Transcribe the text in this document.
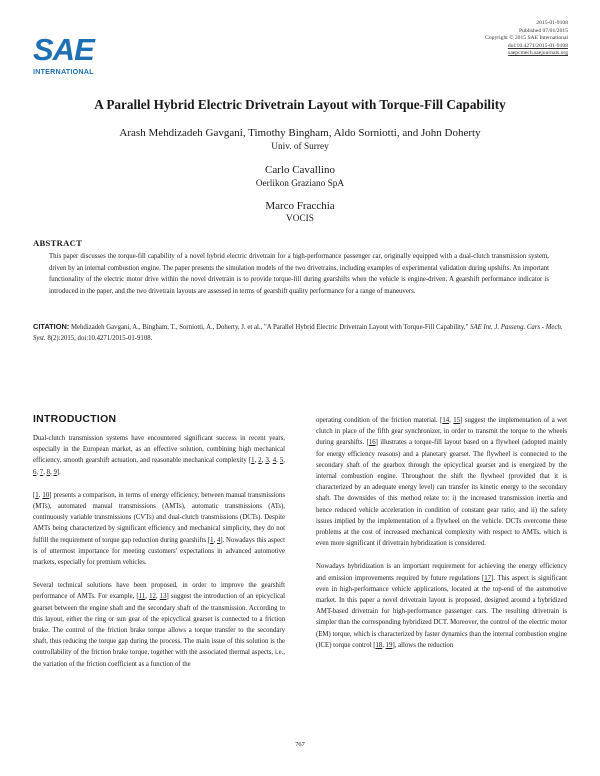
SAE
INTERNATIONAL
2015-01-9108
Published 07/01/2015
Copyright © 2015 SAE International
doi:10.4271/2015-01-9108
saepcmech.saejournals.org
A Parallel Hybrid Electric Drivetrain Layout with Torque-Fill Capability
Arash Mehdizadeh Gavgani, Timothy Bingham, Aldo Sorniotti, and John Doherty
Univ. of Surrey
Carlo Cavallino
Oerlikon Graziano SpA
Marco Fracchia
VOCIS
ABSTRACT
This paper discusses the torque-fill capability of a novel hybrid electric drivetrain for a high-performance passenger car, originally equipped with a dual-clutch transmission system, driven by an internal combustion engine. The paper presents the simulation models of the two drivetrains, including examples of experimental validation during upshifts. An important functionality of the electric motor drive within the novel drivetrain is to provide torque-fill during gearshifts when the vehicle is engine-driven. A gearshift performance indicator is introduced in the paper, and the two drivetrain layouts are assessed in terms of gearshift quality performance for a range of maneuvers.
CITATION: Mehdizadeh Gavgani, A., Bingham, T., Sorniotti, A., Doherty, J. et al., "A Parallel Hybrid Electric Drivetrain Layout with Torque-Fill Capability," SAE Int. J. Passeng. Cars - Mech. Syst. 8(2):2015, doi:10.4271/2015-01-9108.
INTRODUCTION

Dual-clutch transmission systems have encountered significant success in recent years, especially in the European market, as an effective solution, combining high mechanical efficiency, smooth gearshift actuation, and reasonable mechanical complexity [1, 2, 3, 4, 5, 6, 7, 8, 9].

[1, 10] presents a comparison, in terms of energy efficiency, between manual transmissions (MTs), automated manual transmissions (AMTs), automatic transmissions (ATs), continuously variable transmissions (CVTs) and dual-clutch transmissions (DCTs). Despite AMTs being characterized by significant efficiency and mechanical simplicity, they do not fulfill the requirement of torque gap reduction during gearshifts [1, 4]. Nowadays this aspect is of uttermost importance for meeting customers' expectations in advanced automotive markets, especially for premium vehicles.

Several technical solutions have been proposed, in order to improve the gearshift performance of AMTs. For example, [11, 12, 13] suggest the introduction of an epicyclical gearset between the engine shaft and the secondary shaft of the transmission. According to this layout, either the ring or sun gear of the epicyclical gearset is connected to a friction brake. The control of the friction brake torque allows a torque transfer to the secondary shaft, thus reducing the torque gap during the process. The main issue of this solution is the controllability of the friction brake torque, together with the associated thermal aspects, i.e., the variation of the friction coefficient as a function of the

operating condition of the friction material. [14, 15] suggest the implementation of a wet clutch in place of the fifth gear synchronizer, in order to transmit the torque to the wheels during gearshifts. [16] illustrates a torque-fill layout based on a flywheel (adopted mainly for energy efficiency reasons) and a planetary gearset. The flywheel is connected to the secondary shaft of the gearbox through the epicyclical gearset and is energized by the internal combustion engine. Throughout the shift the flywheel (provided that it is characterized by an adequate energy level) can transfer its kinetic energy to the secondary shaft. The downsides of this method relate to: i) the increased transmission inertia and hence reduced vehicle acceleration in condition of constant gear ratio; and ii) the safety issues implied by the implementation of a flywheel on the vehicle. DCTs overcome these problems at the cost of increased mechanical complexity with respect to AMTs, which is even more significant if drivetrain hybridization is considered.

Nowadays hybridization is an important requirement for achieving the energy efficiency and emission improvements required by future regulations [17]. This aspect is significant even in high-performance vehicle applications, located at the top-end of the automotive market. In this paper a novel drivetrain layout is proposed, designed around a hybridized AMT-based drivetrain for high-performance passenger cars. The resulting drivetrain is simpler than the corresponding hybridized DCT. Moreover, the control of the electric motor (EM) torque, which is characterized by faster dynamics than the internal combustion engine (ICE) torque control [18, 19], allows the reduction

767
